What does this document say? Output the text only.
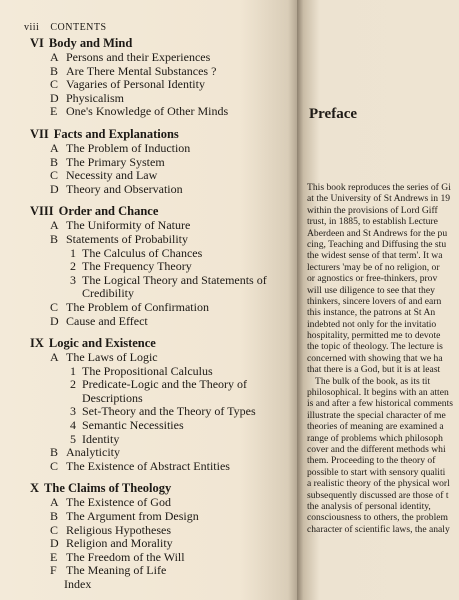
viii CONTENTS
VI Body and Mind
A Persons and their Experiences
B Are There Mental Substances ?
C Vagaries of Personal Identity
D Physicalism
E One's Knowledge of Other Minds
VII Facts and Explanations
A The Problem of Induction
B The Primary System
C Necessity and Law
D Theory and Observation
VIII Order and Chance
A The Uniformity of Nature
B Statements of Probability
1 The Calculus of Chances
2 The Frequency Theory
3 The Logical Theory and Statements of Credibility
C The Problem of Confirmation
D Cause and Effect
IX Logic and Existence
A The Laws of Logic
1 The Propositional Calculus
2 Predicate-Logic and the Theory of Descriptions
3 Set-Theory and the Theory of Types
4 Semantic Necessities
5 Identity
B Analyticity
C The Existence of Abstract Entities
X The Claims of Theology
A The Existence of God
B The Argument from Design
C Religious Hypotheses
D Religion and Morality
E The Freedom of the Will
F The Meaning of Life
Index
Preface
This book reproduces the series of Gi
at the University of St Andrews in 19
within the provisions of Lord Giff
trust, in 1885, to establish Lecture
Aberdeen and St Andrews for the pu
cing, Teaching and Diffusing the stu
the widest sense of that term'. It wa
lecturers 'may be of no religion, or
or agnostics or free-thinkers, prov
will use diligence to see that they
thinkers, sincere lovers of and earn
this instance, the patrons at St An
indebted not only for the invitatio
hospitality, permitted me to devote
the topic of theology. The lecture is
concerned with showing that we ha
that there is a God, but it is at least
The bulk of the book, as its tit
philosophical. It begins with an atten
is and after a few historical comments
illustrate the special character of me
theories of meaning are examined a
range of problems which philosoph
cover and the different methods whi
them. Proceeding to the theory of
possible to start with sensory qualiti
a realistic theory of the physical worl
subsequently discussed are those of t
the analysis of personal identity,
consciousness to others, the problem
character of scientific laws, the analy
